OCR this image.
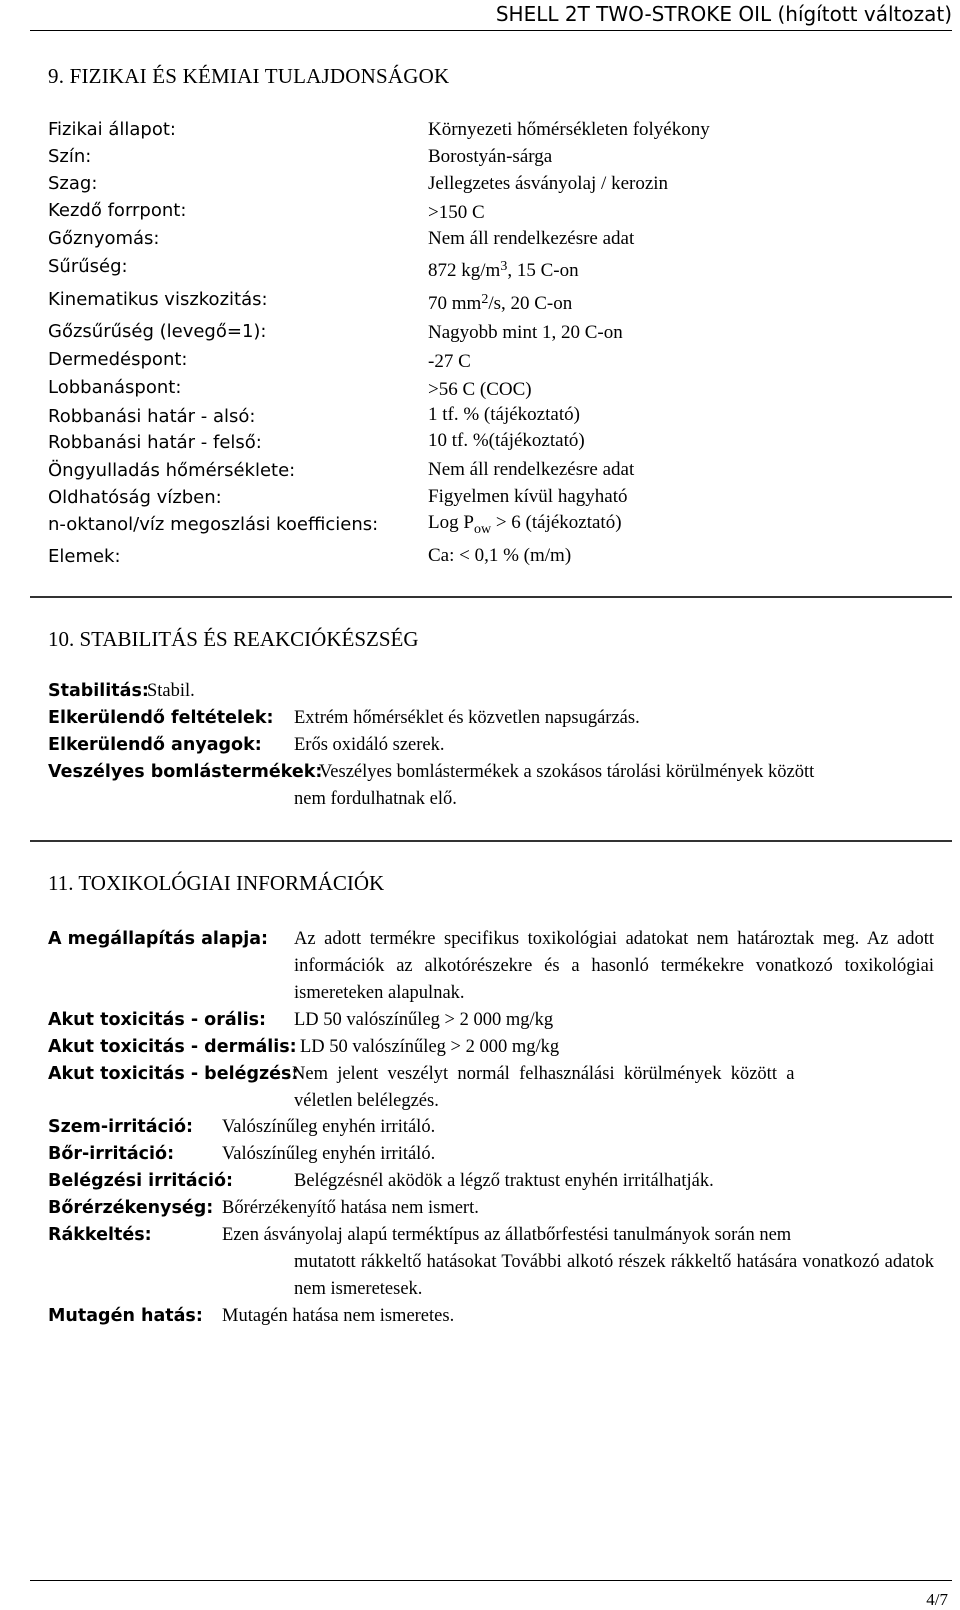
SHELL 2T TWO-STROKE OIL (hígított változat)
9. FIZIKAI ÉS KÉMIAI TULAJDONSÁGOK
Fizikai állapot:	Környezeti hőmérsékleten folyékony
Szín:	Borostyán-sárga
Szag:	Jellegzetes ásványolaj / kerozin
Kezdő forrpont:	>150 C
Gőznyomás:	Nem áll rendelkezésre adat
Sűrűség:	872 $kg/m^3$, 15 C-on
Kinematikus viszkozitás:	70 $mm^2/s$, 20 C-on
Gőzsűrűség (levegő=1):	Nagyobb mint 1, 20 C-on
Dermedéspont:	-27 C
Lobbanáspont:	>56 C (COC)
Robbanási határ - alsó:	1 tf. % (tájékoztató)
Robbanási határ - felső:	10 tf. %(tájékoztató)
Öngyulladás hőmérséklete:	Nem áll rendelkezésre adat
Oldhatóság vízben:	Figyelmen kívül hagyható
n-oktanol/víz megoszlási koefficiens:	Log $P_{ow} > 6$ (tájékoztató)
Elemek:	Ca: < 0,1 % (m/m)
10. STABILITÁS ÉS REAKCIÓKÉSZSÉG
Stabilitás:
Stabil.
Elkerülendő feltételek: Extrém hőmérséklet és közvetlen napsugárzás.
Elkerülendő anyagok: Erős oxidáló szerek.
Veszélyes bomlástermékek:
Veszélyes bomlástermékek a szokásos tárolási körülmények között
nem fordulhatnak elő.
11. TOXIKOLÓGIAI INFORMÁCIÓK
A megállapítás alapja: Az adott termékre specifikus toxikológiai adatokat nem határoztak meg. Az adott információk az alkotórészekre és a hasonló termékekre vonatkozó toxikológiai ismereteken alapulnak.
Akut toxicitás - orális: LD 50 valószínűleg > 2 000 mg/kg
Akut toxicitás - dermális: LD 50 valószínűleg > 2 000 mg/kg
Akut toxicitás - belégzés:
Nem  jelent  veszélyt  normál  felhasználási  körülmények  között  a
véletlen belélegzés.
Szem-irritáció: Valószínűleg enyhén irritáló.
Bőr-irritáció:	Valószínűleg enyhén irritáló.
Belégzési irritáció:	Belégzésnél aködök a légző traktust enyhén irritálhatják.
Bőrérzékenység: Bőrérzékenyítő hatása nem ismert.
Rákkeltés:	Ezen ásványolaj alapú terméktípus az állatbőrfestési tanulmányok során nem
mutatott rákkeltő hatásokat További alkotó részek rákkeltő hatására vonatkozó adatok nem ismeretesek.
Mutagén hatás: Mutagén hatása nem ismeretes.
4/7
